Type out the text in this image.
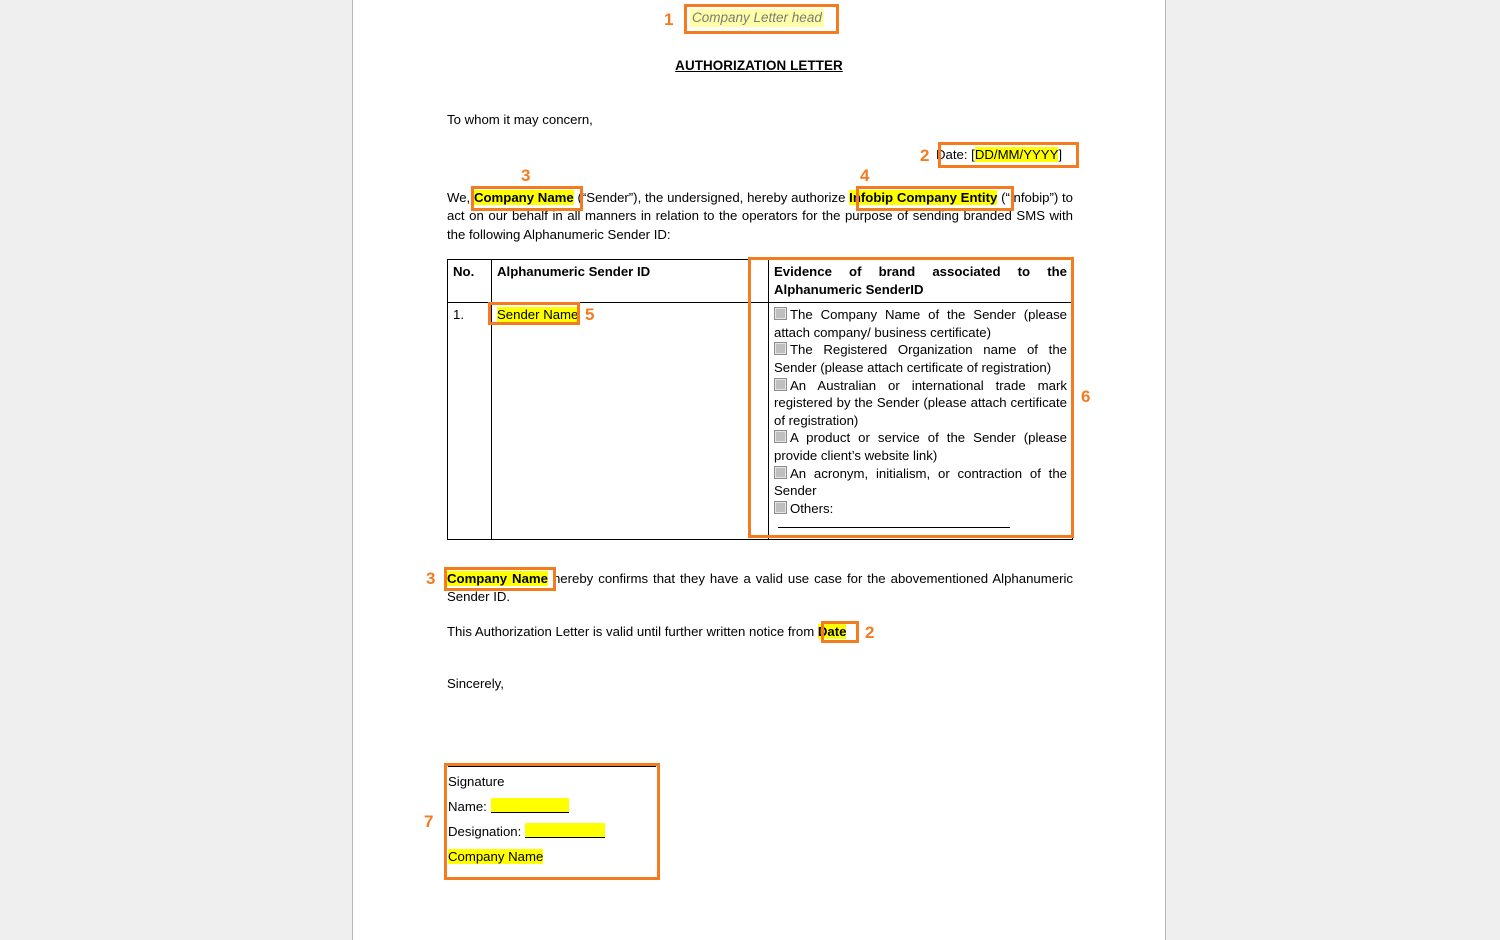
Company Letter head
AUTHORIZATION LETTER
To whom it may concern,
Date: [DD/MM/YYYY]
We, Company Name (“Sender”), the undersigned, hereby authorize Infobip Company Entity (“Infobip”) to act on our behalf in all manners in relation to the operators for the purpose of sending branded SMS with the following Alphanumeric Sender ID:
No.	Alphanumeric Sender ID	Evidence of brand associated to the Alphanumeric SenderID
1.	Sender Name	The Company Name of the Sender (please attach company/ business certificate)
The Registered Organization name of the Sender (please attach certificate of registration)
An Australian or international trade mark registered by the Sender (please attach certificate of registration)
A product or service of the Sender (please provide client’s website link)
An acronym, initialism, or contraction of the Sender
Others:
Company Name hereby confirms that they have a valid use case for the abovementioned Alphanumeric Sender ID.
This Authorization Letter is valid until further written notice from Date
Sincerely,
Signature
Name:
Designation:
Company Name
1
2
3	4
5
6
7
3
2
